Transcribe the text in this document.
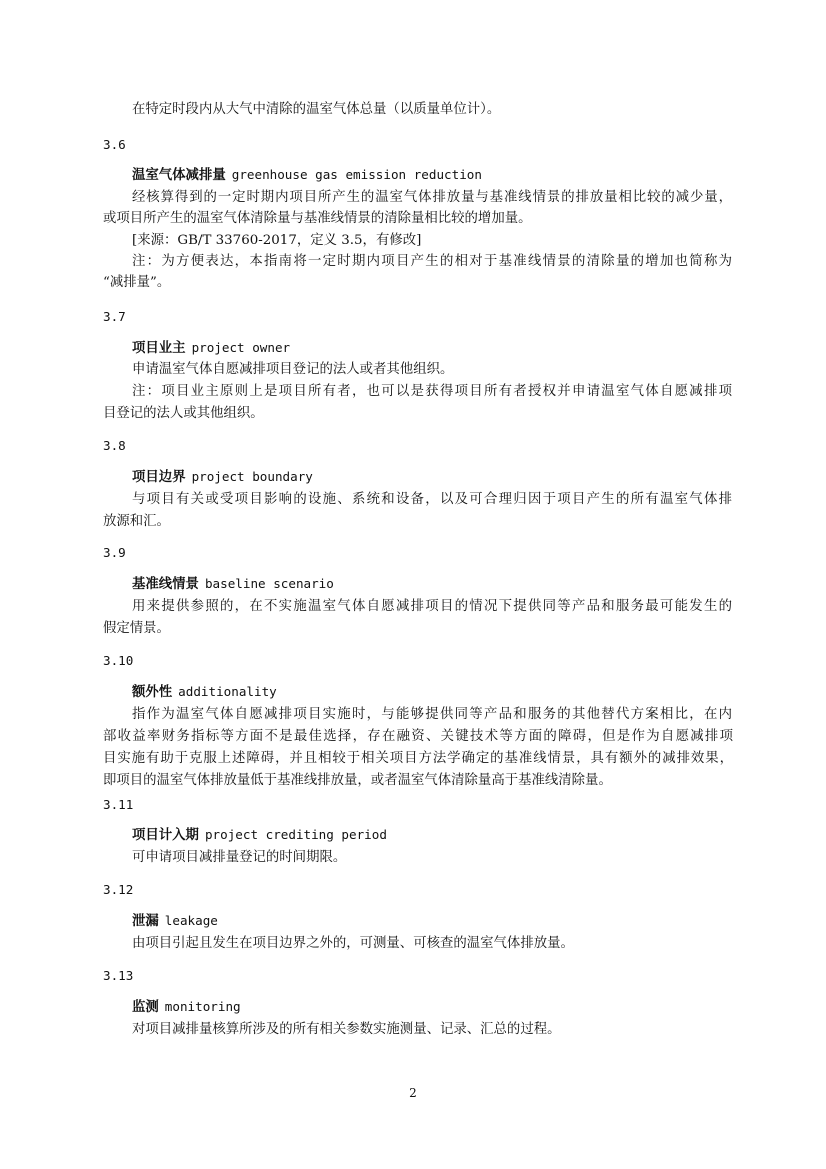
在特定时段内从大气中清除的温室气体总量（以质量单位计）。
3.6
温室气体减排量 greenhouse gas emission reduction
经核算得到的一定时期内项目所产生的温室气体排放量与基准线情景的排放量相比较的减少量，
或项目所产生的温室气体清除量与基准线情景的清除量相比较的增加量。
[来源：GB/T 33760-2017，定义 3.5，有修改]
注：为方便表达，本指南将一定时期内项目产生的相对于基准线情景的清除量的增加也简称为
“减排量”。
3.7
项目业主 project owner
申请温室气体自愿减排项目登记的法人或者其他组织。
注：项目业主原则上是项目所有者，也可以是获得项目所有者授权并申请温室气体自愿减排项
目登记的法人或其他组织。
3.8
项目边界 project boundary
与项目有关或受项目影响的设施、系统和设备，以及可合理归因于项目产生的所有温室气体排
放源和汇。
3.9
基准线情景 baseline scenario
用来提供参照的，在不实施温室气体自愿减排项目的情况下提供同等产品和服务最可能发生的
假定情景。
3.10
额外性 additionality
指作为温室气体自愿减排项目实施时，与能够提供同等产品和服务的其他替代方案相比，在内
部收益率财务指标等方面不是最佳选择，存在融资、关键技术等方面的障碍，但是作为自愿减排项
目实施有助于克服上述障碍，并且相较于相关项目方法学确定的基准线情景，具有额外的减排效果，
即项目的温室气体排放量低于基准线排放量，或者温室气体清除量高于基准线清除量。
3.11
项目计入期 project crediting period
可申请项目减排量登记的时间期限。
3.12
泄漏 leakage
由项目引起且发生在项目边界之外的，可测量、可核查的温室气体排放量。
3.13
监测 monitoring
对项目减排量核算所涉及的所有相关参数实施测量、记录、汇总的过程。
2
